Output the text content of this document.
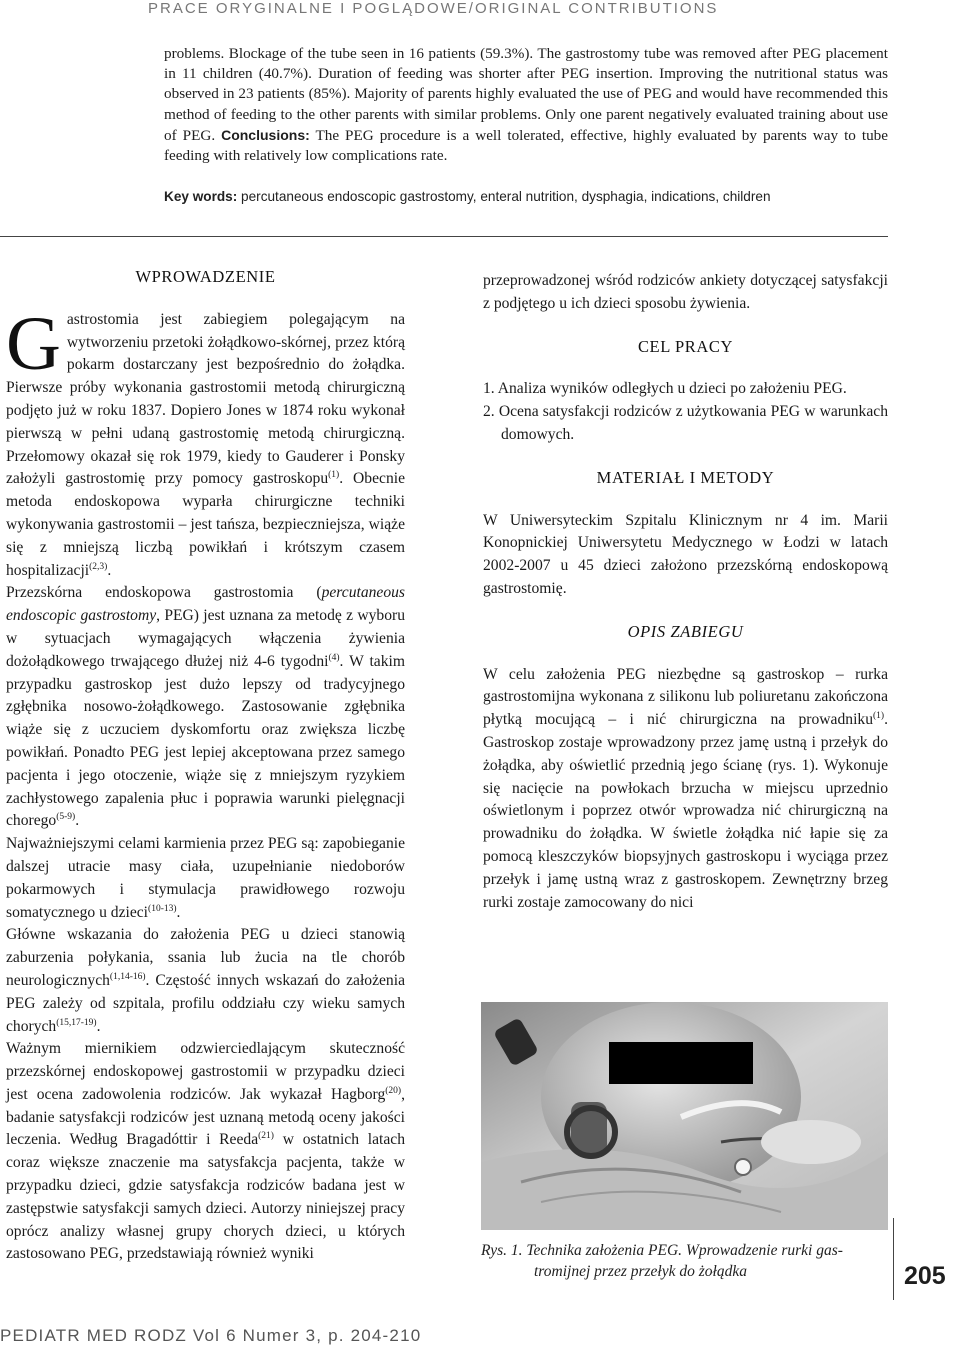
PRACE ORYGINALNE I POGLĄDOWE/ORIGINAL CONTRIBUTIONS
problems. Blockage of the tube seen in 16 patients (59.3%). The gastrostomy tube was removed after PEG placement in 11 children (40.7%). Duration of feeding was shorter after PEG insertion. Improving the nutritional status was observed in 23 patients (85%). Majority of parents highly evaluated the use of PEG and would have recommended this method of feeding to the other parents with similar problems. Only one parent negatively evaluated training about use of PEG. Conclusions: The PEG procedure is a well tolerated, effective, highly evaluated by parents way to tube feeding with relatively low complications rate.
Key words: percutaneous endoscopic gastrostomy, enteral nutrition, dysphagia, indications, children
WPROWADZENIE

Gastrostomia jest zabiegiem polegającym na wytworzeniu przetoki żołądkowo-skórnej, przez którą pokarm dostarczany jest bezpośrednio do żołądka. Pierwsze próby wykonania gastrostomii metodą chirurgiczną podjęto już w roku 1837. Dopiero Jones w 1874 roku wykonał pierwszą w pełni udaną gastrostomię metodą chirurgiczną. Przełomowy okazał się rok 1979, kiedy to Gauderer i Ponsky założyli gastrostomię przy pomocy gastroskopu$^{(1)}$. Obecnie metoda endoskopowa wyparła chirurgiczne techniki wykonywania gastrostomii – jest tańsza, bezpieczniejsza, wiąże się z mniejszą liczbą powikłań i krótszym czasem hospitalizacji$^{(2,3)}$.

Przezskórna endoskopowa gastrostomia (percutaneous endoscopic gastrostomy, PEG) jest uznana za metodę z wyboru w sytuacjach wymagających włączenia żywienia dożołądkowego trwającego dłużej niż 4-6 tygodni$^{(4)}$. W takim przypadku gastroskop jest dużo lepszy od tradycyjnego zgłębnika nosowo-żołądkowego. Zastosowanie zgłębnika wiąże się z uczuciem dyskomfortu oraz zwiększa liczbę powikłań. Ponadto PEG jest lepiej akceptowana przez samego pacjenta i jego otoczenie, wiąże się z mniejszym ryzykiem zachłystowego zapalenia płuc i poprawia warunki pielęgnacji chorego$^{(5-9)}$.

Najważniejszymi celami karmienia przez PEG są: zapobieganie dalszej utracie masy ciała, uzupełnianie niedoborów pokarmowych i stymulacja prawidłowego rozwoju somatycznego u dzieci$^{(10-13)}$.

Główne wskazania do założenia PEG u dzieci stanowią zaburzenia połykania, ssania lub żucia na tle chorób neurologicznych$^{(1,14-16)}$. Częstość innych wskazań do założenia PEG zależy od szpitala, profilu oddziału czy wieku samych chorych$^{(15,17-19)}$.

Ważnym miernikiem odzwierciedlającym skuteczność przezskórnej endoskopowej gastrostomii w przypadku dzieci jest ocena zadowolenia rodziców. Jak wykazał Hagborg$^{(20)}$, badanie satysfakcji rodziców jest uznaną metodą oceny jakości leczenia. Według Bragadóttir i Reeda$^{(21)}$ w ostatnich latach coraz większe znaczenie ma satysfakcja pacjenta, także w przypadku dzieci, gdzie satysfakcja rodziców badana jest w zastępstwie satysfakcji samych dzieci. Autorzy niniejszej pracy oprócz analizy własnej grupy chorych dzieci, u których zastosowano PEG, przedstawiają również wyniki

przeprowadzonej wśród rodziców ankiety dotyczącej satysfakcji z podjętego u ich dzieci sposobu żywienia.

CEL PRACY
1. Analiza wyników odległych u dzieci po założeniu PEG.
2. Ocena satysfakcji rodziców z użytkowania PEG w warunkach domowych.
MATERIAŁ I METODY

W Uniwersyteckim Szpitalu Klinicznym nr 4 im. Marii Konopnickiej Uniwersytetu Medycznego w Łodzi w latach 2002-2007 u 45 dzieci założono przezskórną endoskopową gastrostomię.

OPIS ZABIEGU

W celu założenia PEG niezbędne są gastroskop – rurka gastrostomijna wykonana z silikonu lub poliuretanu zakończona płytką mocującą – i nić chirurgiczna na prowadniku$^{(1)}$. Gastroskop zostaje wprowadzony przez jamę ustną i przełyk do żołądka, aby oświetlić przednią jego ścianę (rys. 1). Wykonuje się nacięcie na powłokach brzucha w miejscu uprzednio oświetlonym i poprzez otwór wprowadza nić chirurgiczną na prowadniku do żołądka. W świetle żołądka nić łapie się za pomocą kleszczyków biopsyjnych gastroskopu i wyciąga przez przełyk i jamę ustną wraz z gastroskopem. Zewnętrzny brzeg rurki zostaje zamocowany do nici

Rys. 1. Technika założenia PEG. Wprowadzenie rurki gas-
tromijnej przez przełyk do żołądka	205
PEDIATR MED RODZ Vol 6 Numer 3, p. 204-210
